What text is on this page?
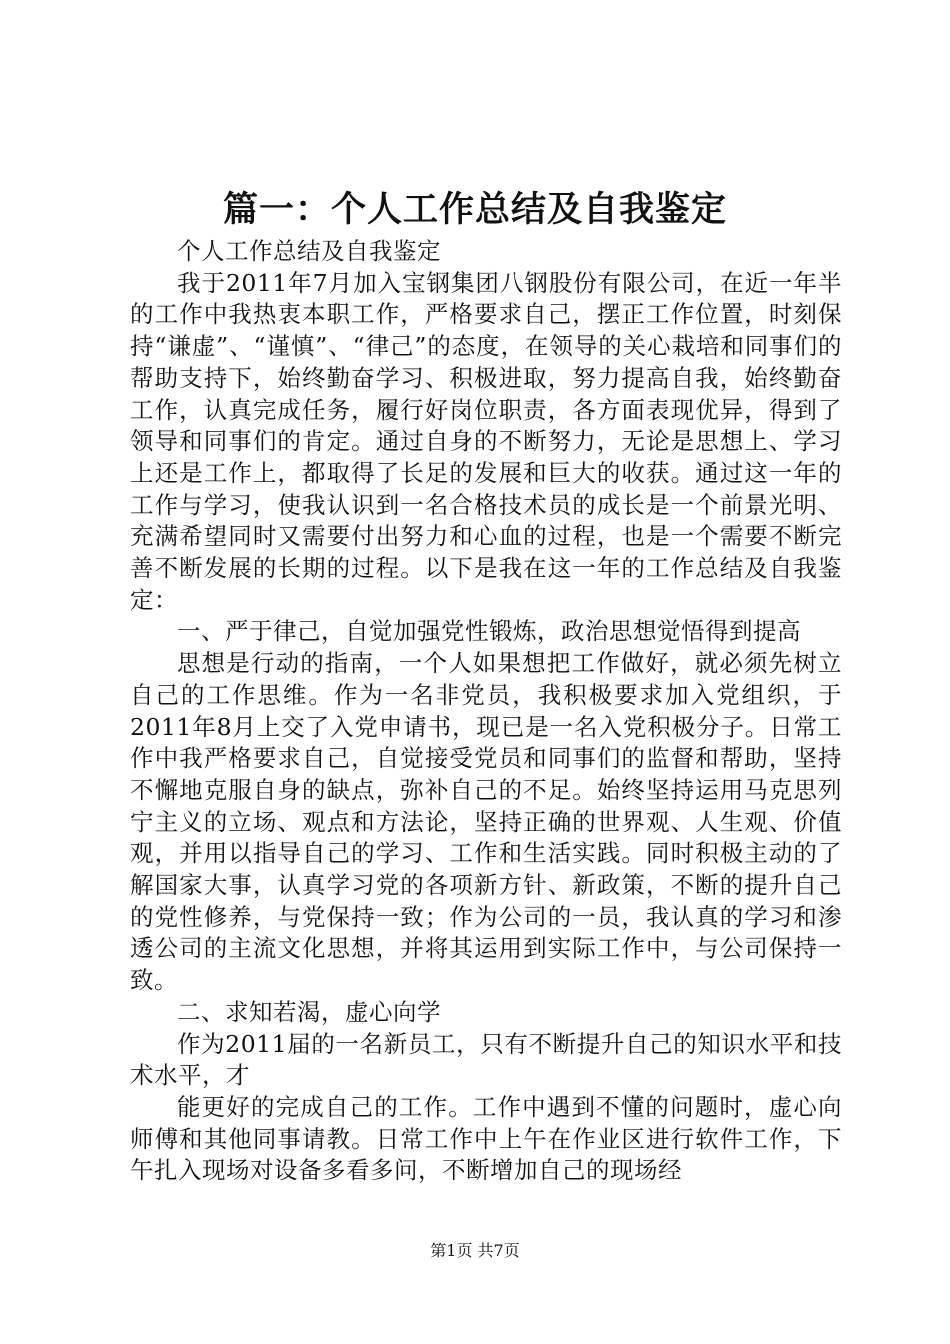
篇一：个人工作总结及自我鉴定

个人工作总结及自我鉴定

我于2011年7月加入宝钢集团八钢股份有限公司，在近一年半的工作中我热衷本职工作，严格要求自己，摆正工作位置，时刻保持“谦虚”、“谨慎”、“律己”的态度，在领导的关心栽培和同事们的帮助支持下，始终勤奋学习、积极进取，努力提高自我，始终勤奋工作，认真完成任务，履行好岗位职责，各方面表现优异，得到了领导和同事们的肯定。通过自身的不断努力，无论是思想上、学习上还是工作上，都取得了长足的发展和巨大的收获。通过这一年的工作与学习，使我认识到一名合格技术员的成长是一个前景光明、充满希望同时又需要付出努力和心血的过程，也是一个需要不断完善不断发展的长期的过程。以下是我在这一年的工作总结及自我鉴定：

一、严于律己，自觉加强党性锻炼，政治思想觉悟得到提高

思想是行动的指南，一个人如果想把工作做好，就必须先树立自己的工作思维。作为一名非党员，我积极要求加入党组织，于2011年8月上交了入党申请书，现已是一名入党积极分子。日常工作中我严格要求自己，自觉接受党员和同事们的监督和帮助，坚持不懈地克服自身的缺点，弥补自己的不足。始终坚持运用马克思列宁主义的立场、观点和方法论，坚持正确的世界观、人生观、价值观，并用以指导自己的学习、工作和生活实践。同时积极主动的了解国家大事，认真学习党的各项新方针、新政策，不断的提升自己的党性修养，与党保持一致；作为公司的一员，我认真的学习和渗透公司的主流文化思想，并将其运用到实际工作中，与公司保持一致。

二、求知若渴，虚心向学

作为2011届的一名新员工，只有不断提升自己的知识水平和技术水平，才

能更好的完成自己的工作。工作中遇到不懂的问题时，虚心向师傅和其他同事请教。日常工作中上午在作业区进行软件工作，下午扎入现场对设备多看多问，不断增加自己的现场经

第1页 共7页
